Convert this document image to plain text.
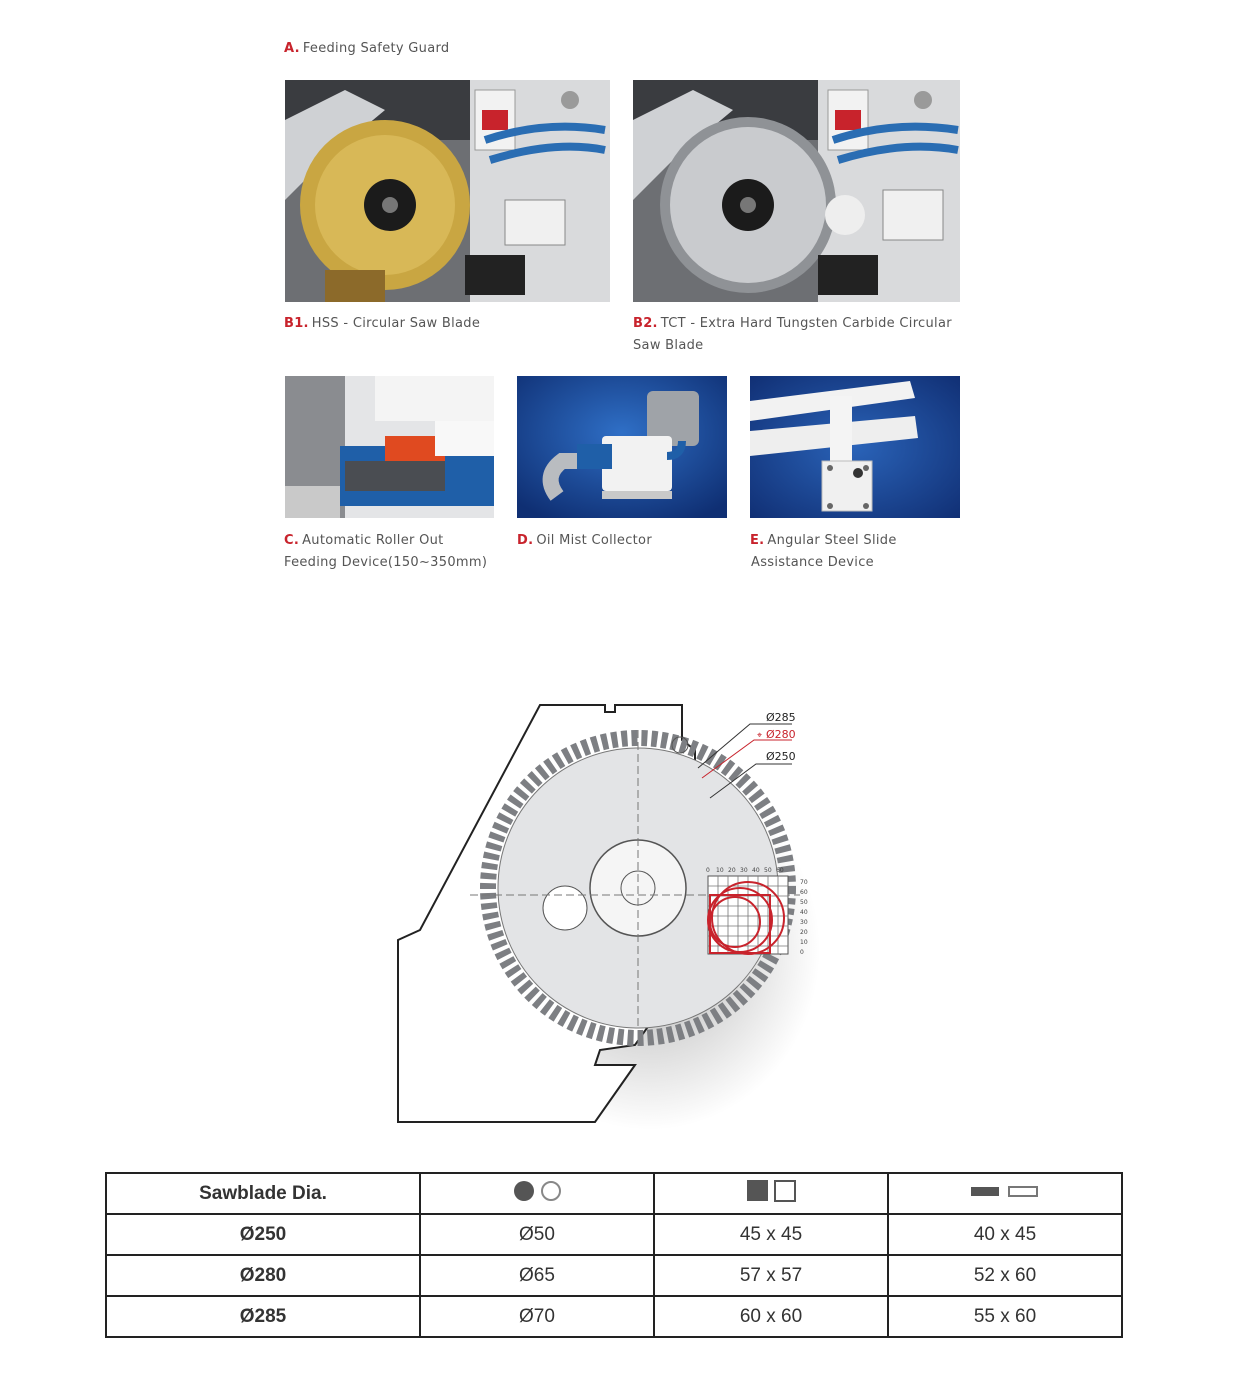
A. Feeding Safety Guard
B1. HSS - Circular Saw Blade	B2. TCT - Extra Hard Tungsten Carbide Circular Saw Blade
C. Automatic Roller Out
Feeding Device(150~350mm)
D. Oil Mist Collector	E. Angular Steel Slide
Assistance Device
0 10 20 30 40 50 60
70
60
50
40
30
20
10
0
Ø285
Ø280
⌖
Ø250
Sawblade Dia.			
Ø250	Ø50	45 x 45	40 x 45
Ø280	Ø65	57 x 57	52 x 60
Ø285	Ø70	60 x 60	55 x 60
